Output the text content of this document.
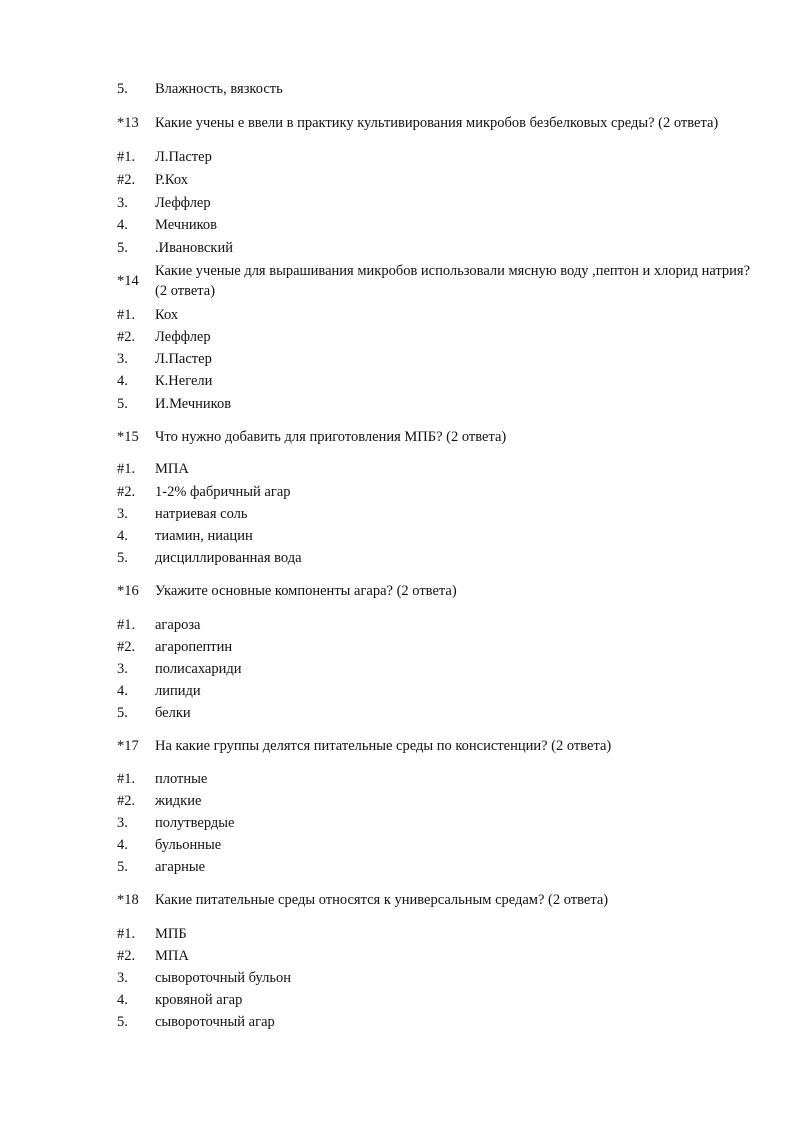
5. Влажность, вязкость
*13 Какие учены е ввели в практику культивирования микробов безбелковых среды? (2 ответа)
#1. Л.Пастер
#2. Р.Кох
3. Леффлер
4. Мечников
5. .Ивановский
*14
Какие ученые для вырашивания микробов использовали мясную воду ,пептон и хлорид натрия?
(2 ответа)
#1. Кох
#2. Леффлер
3. Л.Пастер
4. К.Негели
5. И.Мечников
*15 Что нужно добавить для приготовления МПБ? (2 ответа)
#1. МПА
#2. 1-2% фабричный агар
3. натриевая соль
4. тиамин, ниацин
5. дисциллированная вода
*16 Укажите основные компоненты агара? (2 ответа)
#1. агароза
#2. агаропептин
3. полисахариди
4. липиди
5. белки
*17 На какие группы делятся питательные среды по консистенции? (2 ответа)
#1. плотные
#2. жидкие
3. полутвердые
4. бульонные
5. агарные
*18 Какие питательные среды относятся к универсальным средам? (2 ответа)
#1. МПБ
#2. МПА
3. сывороточный бульон
4. кровяной агар
5. сывороточный агар
